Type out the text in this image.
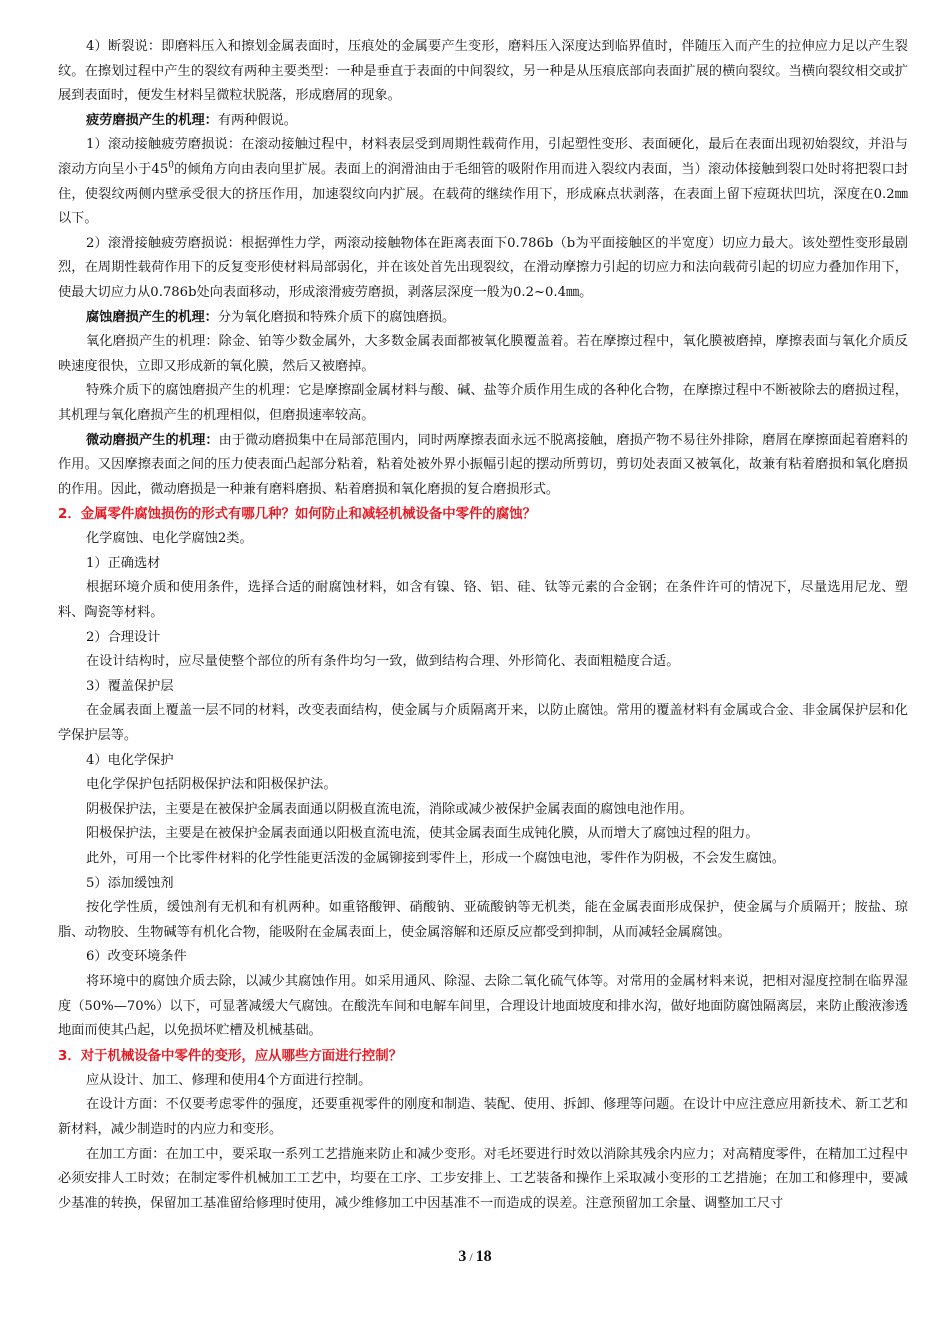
4）断裂说：即磨料压入和擦划金属表面时，压痕处的金属要产生变形，磨料压入深度达到临界值时，伴随压入而产生的拉伸应力足以产生裂纹。在擦划过程中产生的裂纹有两种主要类型：一种是垂直于表面的中间裂纹，另一种是从压痕底部向表面扩展的横向裂纹。当横向裂纹相交或扩展到表面时，便发生材料呈微粒状脱落，形成磨屑的现象。

疲劳磨损产生的机理：有两种假说。

1）滚动接触疲劳磨损说：在滚动接触过程中，材料表层受到周期性载荷作用，引起塑性变形、表面硬化，最后在表面出现初始裂纹，并沿与滚动方向呈小于$45^0$的倾角方向由表向里扩展。表面上的润滑油由于毛细管的吸附作用而进入裂纹内表面，当）滚动体接触到裂口处时将把裂口封住，使裂纹两侧内壁承受很大的挤压作用，加速裂纹向内扩展。在载荷的继续作用下，形成麻点状剥落，在表面上留下痘斑状凹坑，深度在0.2㎜以下。

2）滚滑接触疲劳磨损说：根据弹性力学，两滚动接触物体在距离表面下0.786b（b为平面接触区的半宽度）切应力最大。该处塑性变形最剧烈，在周期性载荷作用下的反复变形使材料局部弱化，并在该处首先出现裂纹，在滑动摩擦力引起的切应力和法向载荷引起的切应力叠加作用下，使最大切应力从0.786b处向表面移动，形成滚滑疲劳磨损，剥落层深度一般为0.2~0.4㎜。

腐蚀磨损产生的机理：分为氧化磨损和特殊介质下的腐蚀磨损。

氧化磨损产生的机理：除金、铂等少数金属外，大多数金属表面都被氧化膜覆盖着。若在摩擦过程中，氧化膜被磨掉，摩擦表面与氧化介质反映速度很快，立即又形成新的氧化膜，然后又被磨掉。

特殊介质下的腐蚀磨损产生的机理：它是摩擦副金属材料与酸、碱、盐等介质作用生成的各种化合物，在摩擦过程中不断被除去的磨损过程，其机理与氧化磨损产生的机理相似，但磨损速率较高。

微动磨损产生的机理：由于微动磨损集中在局部范围内，同时两摩擦表面永远不脱离接触，磨损产物不易往外排除，磨屑在摩擦面起着磨料的作用。又因摩擦表面之间的压力使表面凸起部分粘着，粘着处被外界小振幅引起的摆动所剪切，剪切处表面又被氧化，故兼有粘着磨损和氧化磨损的作用。因此，微动磨损是一种兼有磨料磨损、粘着磨损和氧化磨损的复合磨损形式。

2．金属零件腐蚀损伤的形式有哪几种？如何防止和减轻机械设备中零件的腐蚀？

化学腐蚀、电化学腐蚀2类。

1）正确选材

根据环境介质和使用条件，选择合适的耐腐蚀材料，如含有镍、铬、铝、硅、钛等元素的合金钢；在条件许可的情况下，尽量选用尼龙、塑料、陶瓷等材料。

2）合理设计

在设计结构时，应尽量使整个部位的所有条件均匀一致，做到结构合理、外形简化、表面粗糙度合适。

3）覆盖保护层

在金属表面上覆盖一层不同的材料，改变表面结构，使金属与介质隔离开来，以防止腐蚀。常用的覆盖材料有金属或合金、非金属保护层和化学保护层等。

4）电化学保护

电化学保护包括阴极保护法和阳极保护法。

阴极保护法，主要是在被保护金属表面通以阴极直流电流，消除或减少被保护金属表面的腐蚀电池作用。

阳极保护法，主要是在被保护金属表面通以阳极直流电流，使其金属表面生成钝化膜，从而增大了腐蚀过程的阻力。

此外，可用一个比零件材料的化学性能更活泼的金属铆接到零件上，形成一个腐蚀电池，零件作为阴极，不会发生腐蚀。

5）添加缓蚀剂

按化学性质，缓蚀剂有无机和有机两种。如重铬酸钾、硝酸钠、亚硫酸钠等无机类，能在金属表面形成保护，使金属与介质隔开；胺盐、琼脂、动物胶、生物碱等有机化合物，能吸附在金属表面上，使金属溶解和还原反应都受到抑制，从而减轻金属腐蚀。

6）改变环境条件

将环境中的腐蚀介质去除，以减少其腐蚀作用。如采用通风、除湿、去除二氧化硫气体等。对常用的金属材料来说，把相对湿度控制在临界湿度（50%—70%）以下，可显著减缓大气腐蚀。在酸洗车间和电解车间里，合理设计地面坡度和排水沟，做好地面防腐蚀隔离层，来防止酸液渗透地面而使其凸起，以免损坏贮槽及机械基础。

3．对于机械设备中零件的变形，应从哪些方面进行控制？

应从设计、加工、修理和使用4个方面进行控制。

在设计方面：不仅要考虑零件的强度，还要重视零件的刚度和制造、装配、使用、拆卸、修理等问题。在设计中应注意应用新技术、新工艺和新材料，减少制造时的内应力和变形。

在加工方面：在加工中，要采取一系列工艺措施来防止和减少变形。对毛坯要进行时效以消除其残余内应力；对高精度零件，在精加工过程中必须安排人工时效；在制定零件机械加工工艺中，均要在工序、工步安排上、工艺装备和操作上采取减小变形的工艺措施；在加工和修理中，要减少基准的转换，保留加工基准留给修理时使用，减少维修加工中因基准不一而造成的误差。注意预留加工余量、调整加工尺寸

3 / 18
